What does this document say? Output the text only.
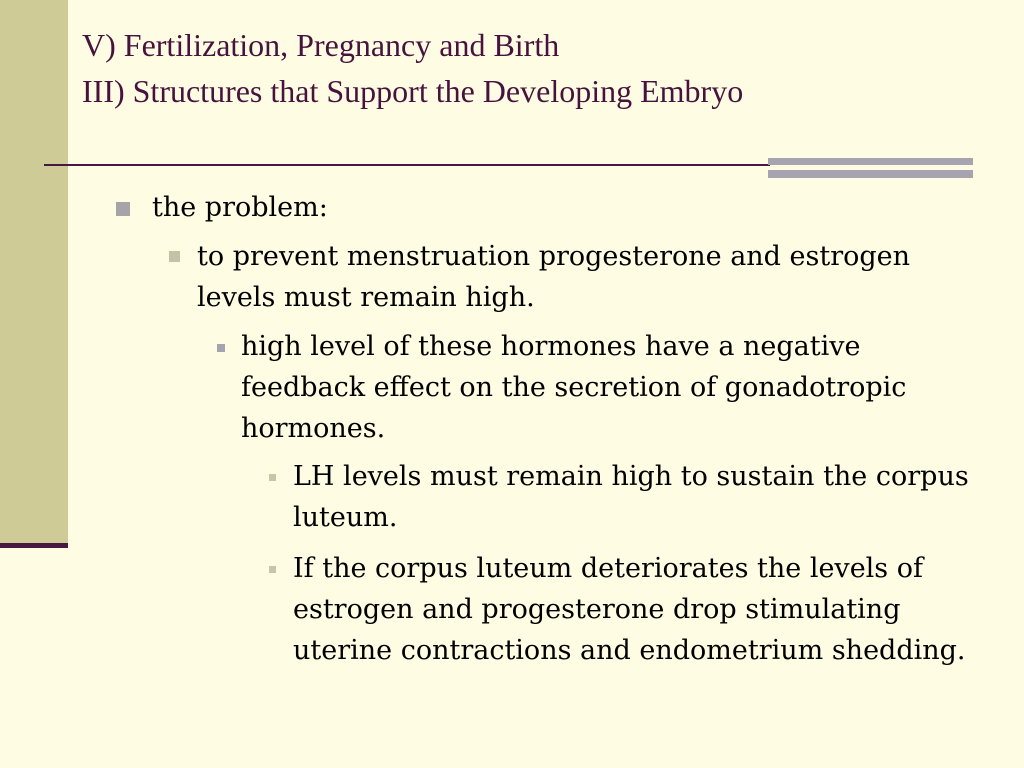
V) Fertilization, Pregnancy and Birth
III) Structures that Support the Developing Embryo
the problem:
to prevent menstruation progesterone and estrogen levels must remain high.
high level of these hormones have a negative feedback effect on the secretion of gonadotropic hormones.
LH levels must remain high to sustain the corpus luteum.
If the corpus luteum deteriorates the levels of estrogen and progesterone drop stimulating uterine contractions and endometrium shedding.
